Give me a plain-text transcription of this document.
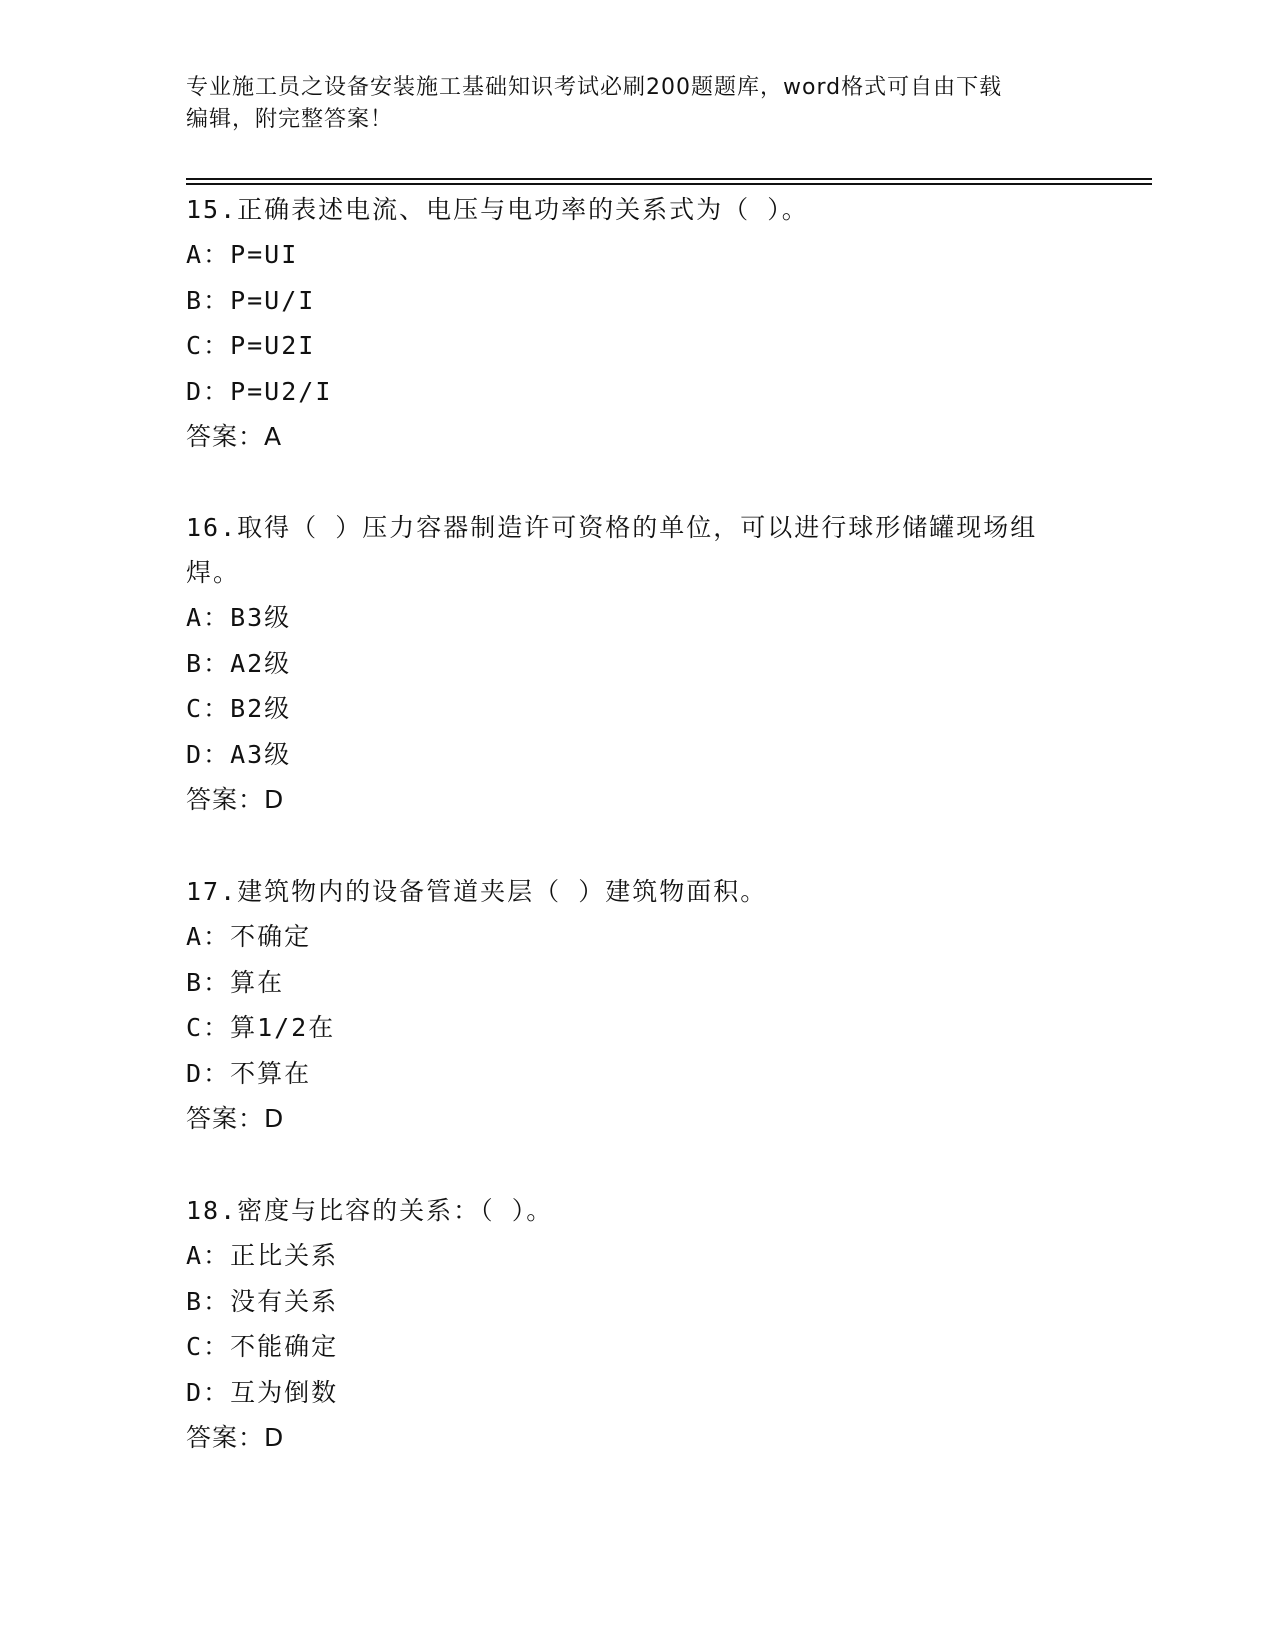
专业施工员之设备安装施工基础知识考试必刷200题题库，word格式可自由下载
编辑，附完整答案！

15.正确表述电流、电压与电功率的关系式为（ ）。

A ： P=UI

B ： P=U/I

C ： P=U2I

D ： P=U2/I

答案：A

16.取得（ ）压力容器制造许可资格的单位，可以进行球形储罐现场组焊。

A ： B3级

B ： A2级

C ： B2级

D ： A3级

答案：D

17.建筑物内的设备管道夹层（ ）建筑物面积。

A ： 不确定

B ： 算在

C ： 算1/2在

D ： 不算在

答案：D

18.密度与比容的关系：（ ）。

A ： 正比关系

B ： 没有关系

C ： 不能确定

D ： 互为倒数

答案：D
